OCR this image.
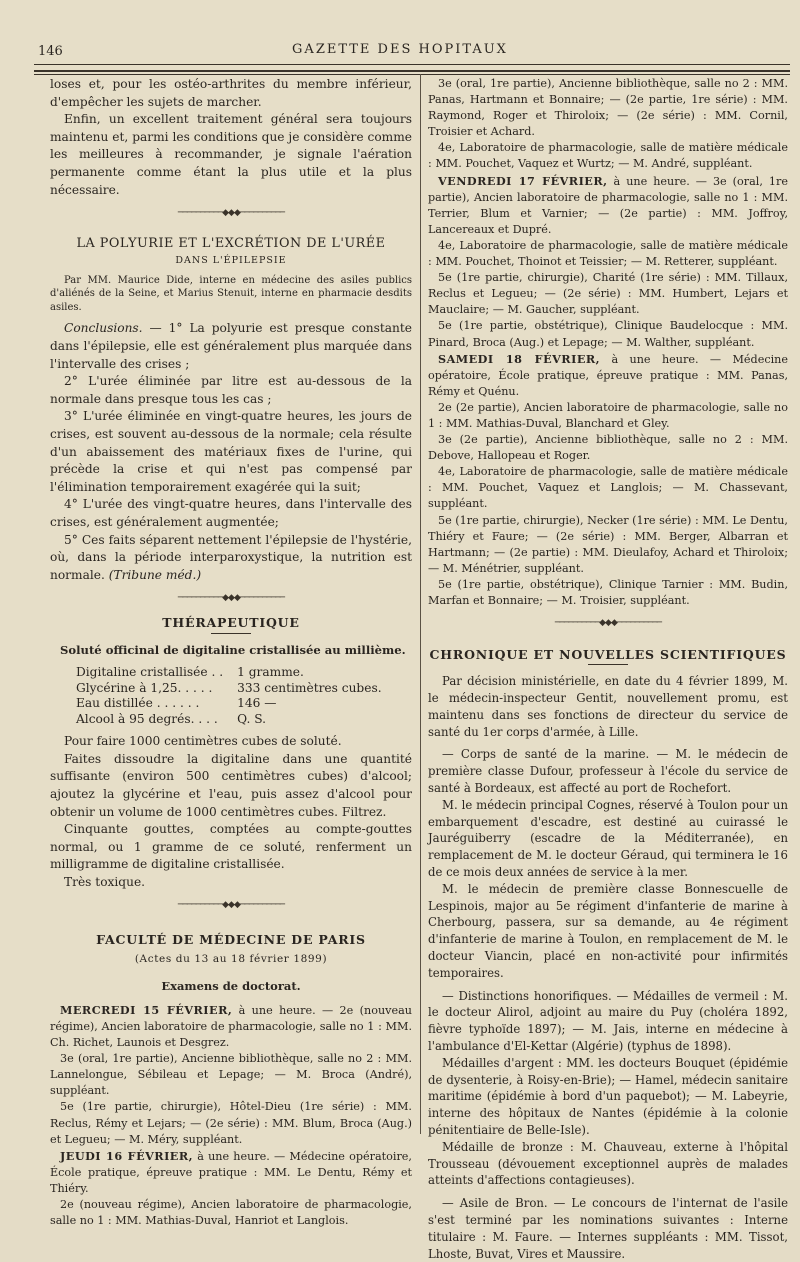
146	GAZETTE DES HOPITAUX

loses et, pour les ostéo-arthrites du membre inférieur, d'empêcher les sujets de marcher.

Enfin, un excellent traitement général sera toujours maintenu et, parmi les conditions que je considère comme les meilleures à recommander, je signale l'aération permanente comme étant la plus utile et la plus nécessaire.

──────────◆◆◆──────────
LA POLYURIE ET L'EXCRÉTION DE L'URÉE
DANS L'ÉPILEPSIE

Par MM. Maurice Dide, interne en médecine des asiles publics d'aliénés de la Seine, et Marius Stenuit, interne en pharmacie desdits asiles.

Conclusions. — 1° La polyurie est presque constante dans l'épilepsie, elle est généralement plus marquée dans l'intervalle des crises ;

2° L'urée éliminée par litre est au-dessous de la normale dans presque tous les cas ;

3° L'urée éliminée en vingt-quatre heures, les jours de crises, est souvent au-dessous de la normale; cela résulte d'un abaissement des matériaux fixes de l'urine, qui précède la crise et qui n'est pas compensé par l'élimination temporairement exagérée qui la suit;

4° L'urée des vingt-quatre heures, dans l'intervalle des crises, est généralement augmentée;

5° Ces faits séparent nettement l'épilepsie de l'hystérie, où, dans la période interparoxystique, la nutrition est normale. (Tribune méd.)

──────────◆◆◆──────────
THÉRAPEUTIQUE
Soluté officinal de digitaline cristallisée au millième.
Digitaline cristallisée . .	1 gramme.
Glycérine à 1,25. . . . .	333 centimètres cubes.
Eau distillée . . . . . .	146 —
Alcool à 95 degrés. . . .	Q. S.

Pour faire 1000 centimètres cubes de soluté.

Faites dissoudre la digitaline dans une quantité suffisante (environ 500 centimètres cubes) d'alcool; ajoutez la glycérine et l'eau, puis assez d'alcool pour obtenir un volume de 1000 centimètres cubes. Filtrez.

Cinquante gouttes, comptées au compte-gouttes normal, ou 1 gramme de ce soluté, renferment un milligramme de digitaline cristallisée.

Très toxique.

──────────◆◆◆──────────
FACULTÉ DE MÉDECINE DE PARIS
(Actes du 13 au 18 février 1899)
Examens de doctorat.

MERCREDI 15 FÉVRIER, à une heure. — 2e (nouveau régime), Ancien laboratoire de pharmacologie, salle no 1 : MM. Ch. Richet, Launois et Desgrez.

3e (oral, 1re partie), Ancienne bibliothèque, salle no 2 : MM. Lannelongue, Sébileau et Lepage; — M. Broca (André), suppléant.

5e (1re partie, chirurgie), Hôtel-Dieu (1re série) : MM. Reclus, Rémy et Lejars; — (2e série) : MM. Blum, Broca (Aug.) et Legueu; — M. Méry, suppléant.

JEUDI 16 FÉVRIER, à une heure. — Médecine opératoire, École pratique, épreuve pratique : MM. Le Dentu, Rémy et Thiéry.

2e (nouveau régime), Ancien laboratoire de pharmacologie, salle no 1 : MM. Mathias-Duval, Hanriot et Langlois.

3e (oral, 1re partie), Ancienne bibliothèque, salle no 2 : MM. Panas, Hartmann et Bonnaire; — (2e partie, 1re série) : MM. Raymond, Roger et Thiroloix; — (2e série) : MM. Cornil, Troisier et Achard.

4e, Laboratoire de pharmacologie, salle de matière médicale : MM. Pouchet, Vaquez et Wurtz; — M. André, suppléant.

VENDREDI 17 FÉVRIER, à une heure. — 3e (oral, 1re partie), Ancien laboratoire de pharmacologie, salle no 1 : MM. Terrier, Blum et Varnier; — (2e partie) : MM. Joffroy, Lancereaux et Dupré.

4e, Laboratoire de pharmacologie, salle de matière médicale : MM. Pouchet, Thoinot et Teissier; — M. Retterer, suppléant.

5e (1re partie, chirurgie), Charité (1re série) : MM. Tillaux, Reclus et Legueu; — (2e série) : MM. Humbert, Lejars et Mauclaire; — M. Gaucher, suppléant.

5e (1re partie, obstétrique), Clinique Baudelocque : MM. Pinard, Broca (Aug.) et Lepage; — M. Walther, suppléant.

SAMEDI 18 FÉVRIER, à une heure. — Médecine opératoire, École pratique, épreuve pratique : MM. Panas, Rémy et Quénu.

2e (2e partie), Ancien laboratoire de pharmacologie, salle no 1 : MM. Mathias-Duval, Blanchard et Gley.

3e (2e partie), Ancienne bibliothèque, salle no 2 : MM. Debove, Hallopeau et Roger.

4e, Laboratoire de pharmacologie, salle de matière médicale : MM. Pouchet, Vaquez et Langlois; — M. Chassevant, suppléant.

5e (1re partie, chirurgie), Necker (1re série) : MM. Le Dentu, Thiéry et Faure; — (2e série) : MM. Berger, Albarran et Hartmann; — (2e partie) : MM. Dieulafoy, Achard et Thiroloix; — M. Ménétrier, suppléant.

5e (1re partie, obstétrique), Clinique Tarnier : MM. Budin, Marfan et Bonnaire; — M. Troisier, suppléant.

──────────◆◆◆──────────
CHRONIQUE ET NOUVELLES SCIENTIFIQUES

Par décision ministérielle, en date du 4 février 1899, M. le médecin-inspecteur Gentit, nouvellement promu, est maintenu dans ses fonctions de directeur du service de santé du 1er corps d'armée, à Lille.

— Corps de santé de la marine. — M. le médecin de première classe Dufour, professeur à l'école du service de santé à Bordeaux, est affecté au port de Rochefort.

M. le médecin principal Cognes, réservé à Toulon pour un embarquement d'escadre, est destiné au cuirassé le Jauréguiberry (escadre de la Méditerranée), en remplacement de M. le docteur Géraud, qui terminera le 16 de ce mois deux années de service à la mer.

M. le médecin de première classe Bonnescuelle de Lespinois, major au 5e régiment d'infanterie de marine à Cherbourg, passera, sur sa demande, au 4e régiment d'infanterie de marine à Toulon, en remplacement de M. le docteur Viancin, placé en non-activité pour infirmités temporaires.

— Distinctions honorifiques. — Médailles de vermeil : M. le docteur Alirol, adjoint au maire du Puy (choléra 1892, fièvre typhoïde 1897); — M. Jais, interne en médecine à l'ambulance d'El-Kettar (Algérie) (typhus de 1898).

Médailles d'argent : MM. les docteurs Bouquet (épidémie de dysenterie, à Roisy-en-Brie); — Hamel, médecin sanitaire maritime (épidémie à bord d'un paquebot); — M. Labeyrie, interne des hôpitaux de Nantes (épidémie à la colonie pénitentiaire de Belle-Isle).

Médaille de bronze : M. Chauveau, externe à l'hôpital Trousseau (dévouement exceptionnel auprès de malades atteints d'affections contagieuses).

— Asile de Bron. — Le concours de l'internat de l'asile s'est terminé par les nominations suivantes : Interne titulaire : M. Faure. — Internes suppléants : MM. Tissot, Lhoste, Buvat, Vires et Maussire.
